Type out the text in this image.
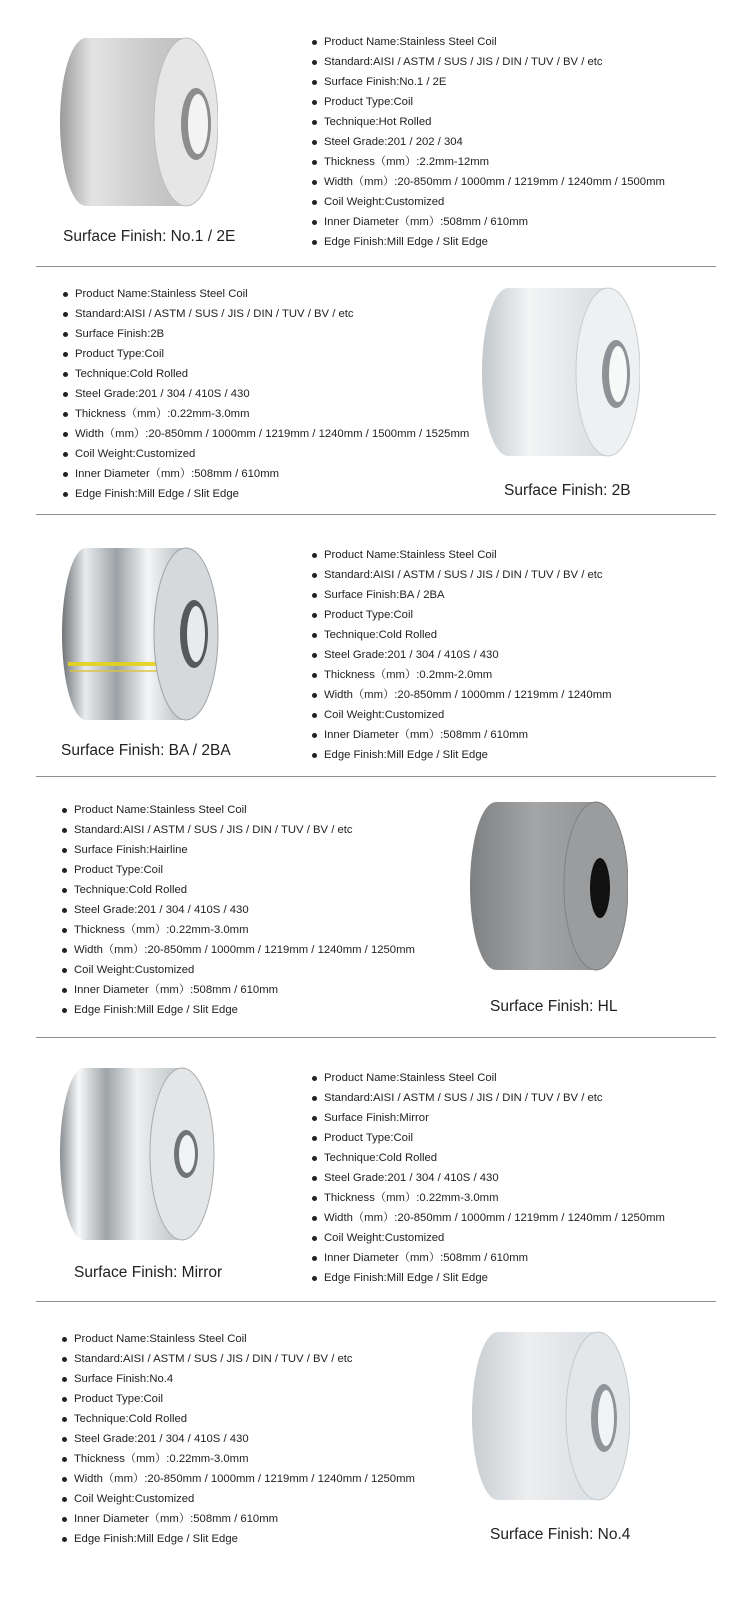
Surface Finish: No.1 / 2E
Product Name:Stainless Steel Coil
Standard:AISI / ASTM / SUS / JIS / DIN / TUV / BV / etc
Surface Finish:No.1 / 2E
Product Type:Coil
Technique:Hot Rolled
Steel Grade:201 / 202 / 304
Thickness（mm）:2.2mm-12mm
Width（mm）:20-850mm / 1000mm / 1219mm / 1240mm / 1500mm
Coil Weight:Customized
Inner Diameter（mm）:508mm / 610mm
Edge Finish:Mill Edge / Slit Edge
Product Name:Stainless Steel Coil
Standard:AISI / ASTM / SUS / JIS / DIN / TUV / BV / etc
Surface Finish:2B
Product Type:Coil
Technique:Cold Rolled
Steel Grade:201 / 304 / 410S / 430
Thickness（mm）:0.22mm-3.0mm
Width（mm）:20-850mm / 1000mm / 1219mm / 1240mm / 1500mm / 1525mm
Coil Weight:Customized
Inner Diameter（mm）:508mm / 610mm
Edge Finish:Mill Edge / Slit Edge	Surface Finish: 2B
Surface Finish: BA / 2BA
Product Name:Stainless Steel Coil
Standard:AISI / ASTM / SUS / JIS / DIN / TUV / BV / etc
Surface Finish:BA / 2BA
Product Type:Coil
Technique:Cold Rolled
Steel Grade:201 / 304 / 410S / 430
Thickness（mm）:0.2mm-2.0mm
Width（mm）:20-850mm / 1000mm / 1219mm / 1240mm
Coil Weight:Customized
Inner Diameter（mm）:508mm / 610mm
Edge Finish:Mill Edge / Slit Edge
Product Name:Stainless Steel Coil
Standard:AISI / ASTM / SUS / JIS / DIN / TUV / BV / etc
Surface Finish:Hairline
Product Type:Coil
Technique:Cold Rolled
Steel Grade:201 / 304 / 410S / 430
Thickness（mm）:0.22mm-3.0mm
Width（mm）:20-850mm / 1000mm / 1219mm / 1240mm / 1250mm
Coil Weight:Customized
Inner Diameter（mm）:508mm / 610mm
Edge Finish:Mill Edge / Slit Edge	Surface Finish: HL
Surface Finish: Mirror
Product Name:Stainless Steel Coil
Standard:AISI / ASTM / SUS / JIS / DIN / TUV / BV / etc
Surface Finish:Mirror
Product Type:Coil
Technique:Cold Rolled
Steel Grade:201 / 304 / 410S / 430
Thickness（mm）:0.22mm-3.0mm
Width（mm）:20-850mm / 1000mm / 1219mm / 1240mm / 1250mm
Coil Weight:Customized
Inner Diameter（mm）:508mm / 610mm
Edge Finish:Mill Edge / Slit Edge
Product Name:Stainless Steel Coil
Standard:AISI / ASTM / SUS / JIS / DIN / TUV / BV / etc
Surface Finish:No.4
Product Type:Coil
Technique:Cold Rolled
Steel Grade:201 / 304 / 410S / 430
Thickness（mm）:0.22mm-3.0mm
Width（mm）:20-850mm / 1000mm / 1219mm / 1240mm / 1250mm
Coil Weight:Customized
Inner Diameter（mm）:508mm / 610mm
Edge Finish:Mill Edge / Slit Edge	Surface Finish: No.4
